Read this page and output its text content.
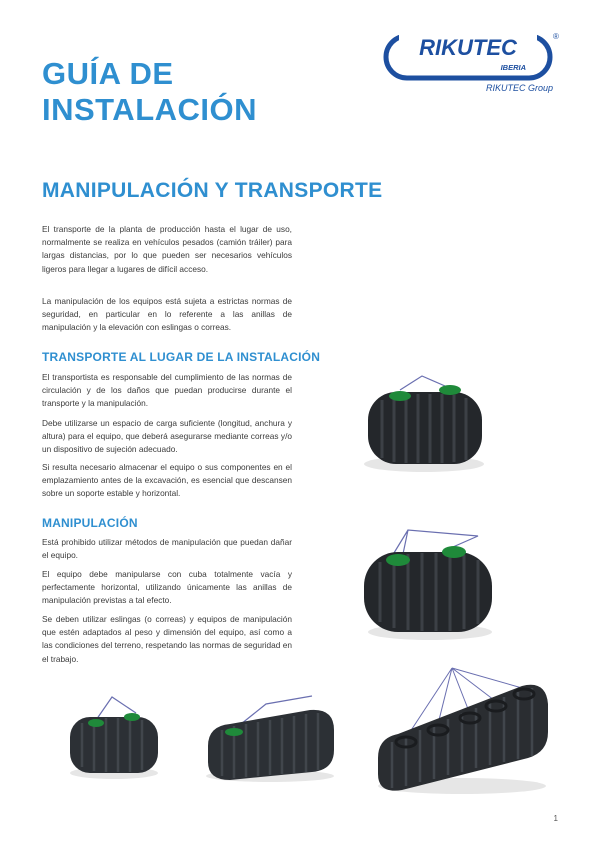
GUÍA DE
INSTALACIÓN
RIKUTEC
IBERIA
®
RIKUTEC Group
MANIPULACIÓN Y TRANSPORTE

El transporte de la planta de producción hasta el lugar de uso, normalmente se realiza en vehículos pesados (camión tráiler) para largas distancias, por lo que pueden ser necesarios vehículos ligeros para llegar a lugares de difícil acceso.

La manipulación de los equipos está sujeta a estrictas normas de seguridad, en particular en lo referente a las anillas de manipulación y la elevación con eslingas o correas.

TRANSPORTE AL LUGAR DE LA INSTALACIÓN

El transportista es responsable del cumplimiento de las normas de circulación y de los daños que puedan producirse durante el transporte y la manipulación.

Debe utilizarse un espacio de carga suficiente (longitud, anchura y altura) para el equipo, que deberá asegurarse mediante correas y/o un dispositivo de sujeción adecuado.

Si resulta necesario almacenar el equipo o sus componentes en el emplazamiento antes de la excavación, es esencial que descansen sobre un soporte estable y horizontal.

MANIPULACIÓN

Está prohibido utilizar métodos de manipulación que puedan dañar el equipo.

El equipo debe manipularse con cuba totalmente vacía y perfectamente horizontal, utilizando únicamente las anillas de manipulación previstas a tal efecto.

Se deben utilizar eslingas (o correas) y equipos de manipulación que estén adaptados al peso y dimensión del equipo, así como a las condiciones del terreno, respetando las normas de seguridad en el trabajo.

1
